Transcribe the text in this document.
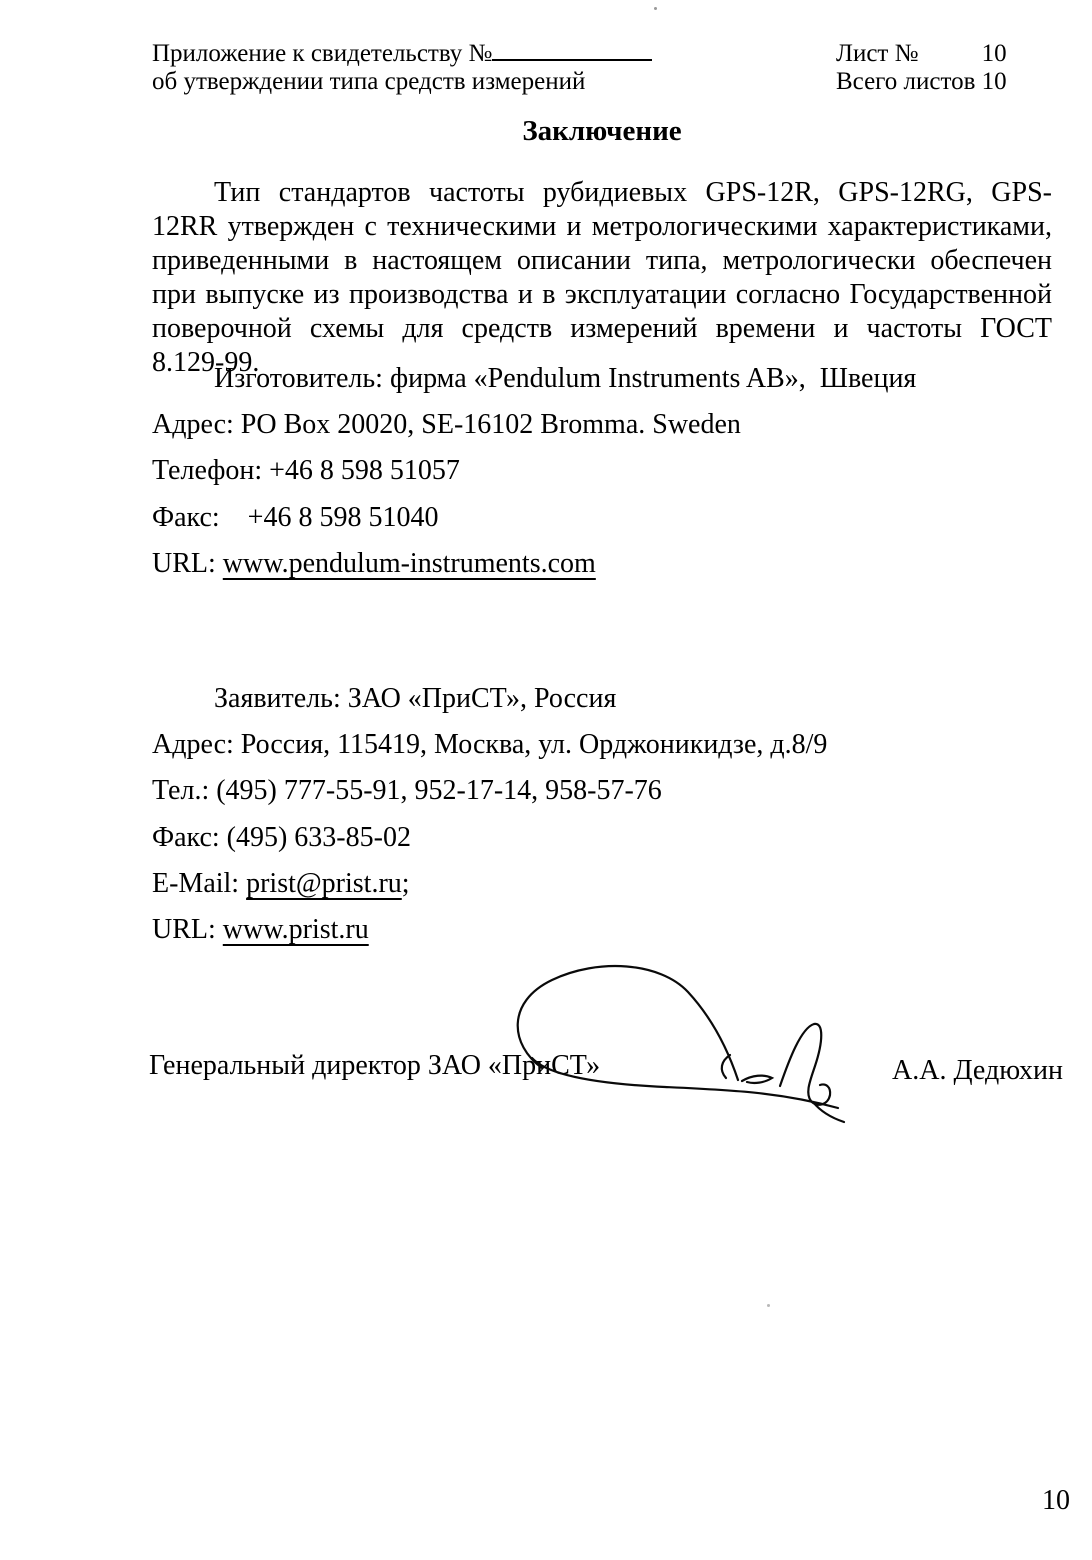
Приложение к свидетельству №
об утверждении типа средств измерений
Лист №	10
Всего листов 10
Заключение
Тип стандартов частоты рубидиевых GPS-12R, GPS-12RG, GPS-12RR утвержден с техническими и метрологическими характеристиками, приведенными в настоящем описании типа, метрологически обеспечен при выпуске из производства и в эксплуатации согласно Государственной поверочной схемы для средств измерений времени и частоты ГОСТ 8.129-99.
Изготовитель: фирма «Pendulum Instruments AB»,  Швеция
Адрес: PO Box 20020, SE-16102 Bromma. Sweden
Телефон: +46 8 598 51057
Факс:    +46 8 598 51040
URL: www.pendulum-instruments.com
Заявитель: ЗАО «ПриСТ», Россия
Адрес: Россия, 115419, Москва, ул. Орджоникидзе, д.8/9
Тел.: (495) 777-55-91, 952-17-14, 958-57-76
Факс: (495) 633-85-02
E-Mail: prist@prist.ru;
URL: www.prist.ru
Генеральный директор ЗАО «ПриСТ»	А.А. Дедюхин
10
